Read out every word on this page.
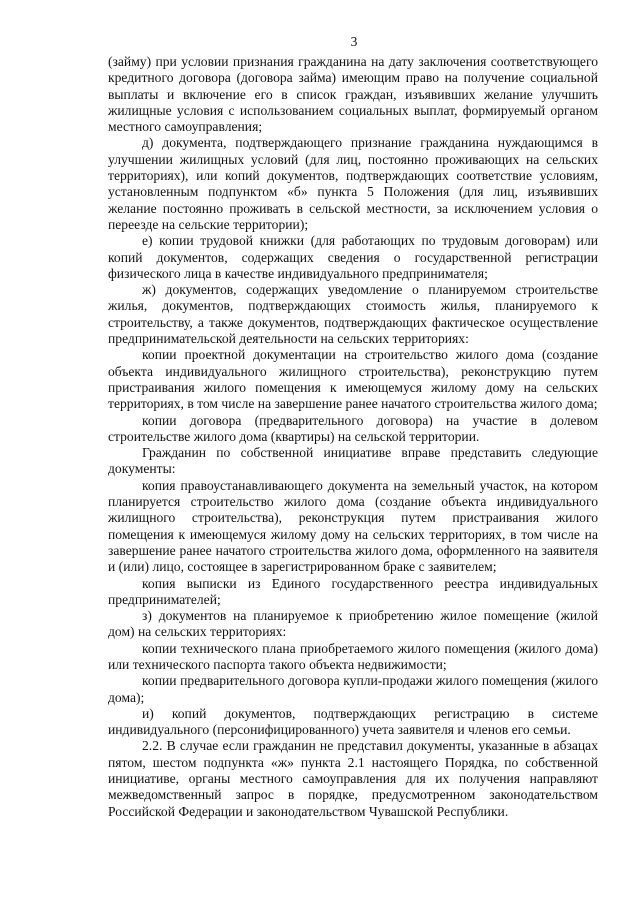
3

(займу) при условии признания гражданина на дату заключения соответствующего кредитного договора (договора займа) имеющим право на получение социальной выплаты и включение его в список граждан, изъявивших желание улучшить жилищные условия с использованием социальных выплат, формируемый органом местного самоуправления;

д) документа, подтверждающего признание гражданина нуждающимся в улучшении жилищных условий (для лиц, постоянно проживающих на сельских территориях), или копий документов, подтверждающих соответствие условиям, установленным подпунктом «б» пункта 5 Положения (для лиц, изъявивших желание постоянно проживать в сельской местности, за исключением условия о переезде на сельские территории);

е) копии трудовой книжки (для работающих по трудовым договорам) или копий документов, содержащих сведения о государственной регистрации физического лица в качестве индивидуального предпринимателя;

ж) документов, содержащих уведомление о планируемом строительстве жилья, документов, подтверждающих стоимость жилья, планируемого к строительству, а также документов, подтверждающих фактическое осуществление предпринимательской деятельности на сельских территориях:

копии проектной документации на строительство жилого дома (создание объекта индивидуального жилищного строительства), реконструкцию путем пристраивания жилого помещения к имеющемуся жилому дому на сельских территориях, в том числе на завершение ранее начатого строительства жилого дома;

копии договора (предварительного договора) на участие в долевом строительстве жилого дома (квартиры) на сельской территории.

Гражданин по собственной инициативе вправе представить следующие документы:

копия правоустанавливающего документа на земельный участок, на котором планируется строительство жилого дома (создание объекта индивидуального жилищного строительства), реконструкция путем пристраивания жилого помещения к имеющемуся жилому дому на сельских территориях, в том числе на завершение ранее начатого строительства жилого дома, оформленного на заявителя и (или) лицо, состоящее в зарегистрированном браке с заявителем;

копия выписки из Единого государственного реестра индивидуальных предпринимателей;

з) документов на планируемое к приобретению жилое помещение (жилой дом) на сельских территориях:

копии технического плана приобретаемого жилого помещения (жилого дома) или технического паспорта такого объекта недвижимости;

копии предварительного договора купли-продажи жилого помещения (жилого дома);

и) копий документов, подтверждающих регистрацию в системе индивидуального (персонифицированного) учета заявителя и членов его семьи.

2.2. В случае если гражданин не представил документы, указанные в абзацах пятом, шестом подпункта «ж» пункта 2.1 настоящего Порядка, по собственной инициативе, органы местного самоуправления для их получения направляют межведомственный запрос в порядке, предусмотренном законодательством Российской Федерации и законодательством Чувашской Республики.
